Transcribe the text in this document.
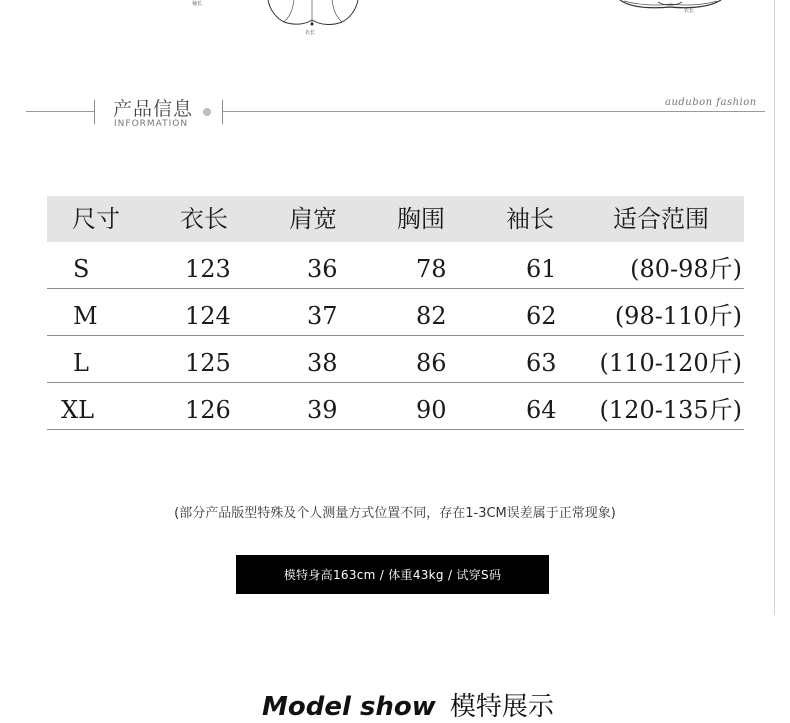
袖长
衣长
衣长
产品信息
INFORMATION
audubon fashion
尺寸	衣长	肩宽	胸围	袖长 适合范围
S	123	36	78	61	(80-98斤)
M	124	37	82	62 (98-110斤)
L	125	38	86	63 (110-120斤)
XL	126	39	90	64 (120-135斤)
(部分产品版型特殊及个人测量方式位置不同，存在1-3CM误差属于正常现象)
模特身高163cm / 体重43kg / 试穿S码
Model show 模特展示
